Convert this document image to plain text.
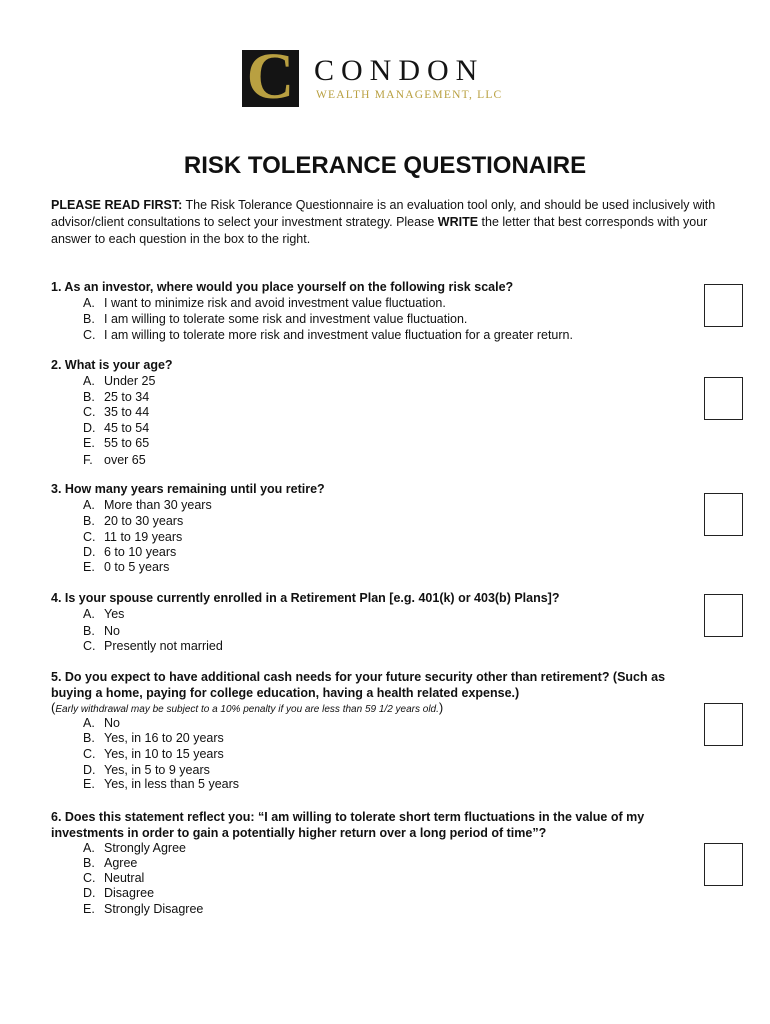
C CONDON
WEALTH MANAGEMENT, LLC
RISK TOLERANCE QUESTIONAIRE

PLEASE READ FIRST: The Risk Tolerance Questionnaire is an evaluation tool only, and should be used inclusively with advisor/client consultations to select your investment strategy. Please WRITE the letter that best corresponds with your answer to each question in the box to the right.

1. As an investor, where would you place yourself on the following risk scale?

A. I want to minimize risk and avoid investment value fluctuation.
B. I am willing to tolerate some risk and investment value fluctuation.
C. I am willing to tolerate more risk and investment value fluctuation for a greater return.

2. What is your age?

A. Under 25
B. 25 to 34
C. 35 to 44
D. 45 to 54
E. 55 to 65
F. over 65

3. How many years remaining until you retire?

A. More than 30 years
B. 20 to 30 years
C. 11 to 19 years
D. 6 to 10 years
E. 0 to 5 years

4. Is your spouse currently enrolled in a Retirement Plan [e.g. 401(k) or 403(b) Plans]?

A. Yes
B. No
C. Presently not married

5. Do you expect to have additional cash needs for your future security other than retirement? (Such as buying a home, paying for college education, having a health related expense.)

(Early withdrawal may be subject to a 10% penalty if you are less than 59 1/2 years old.)
A. No
B. Yes, in 16 to 20 years
C. Yes, in 10 to 15 years
D. Yes, in 5 to 9 years
E. Yes, in less than 5 years

6. Does this statement reflect you: “I am willing to tolerate short term fluctuations in the value of my investments in order to gain a potentially higher return over a long period of time”?

A. Strongly Agree
B. Agree
C. Neutral
D. Disagree
E. Strongly Disagree
